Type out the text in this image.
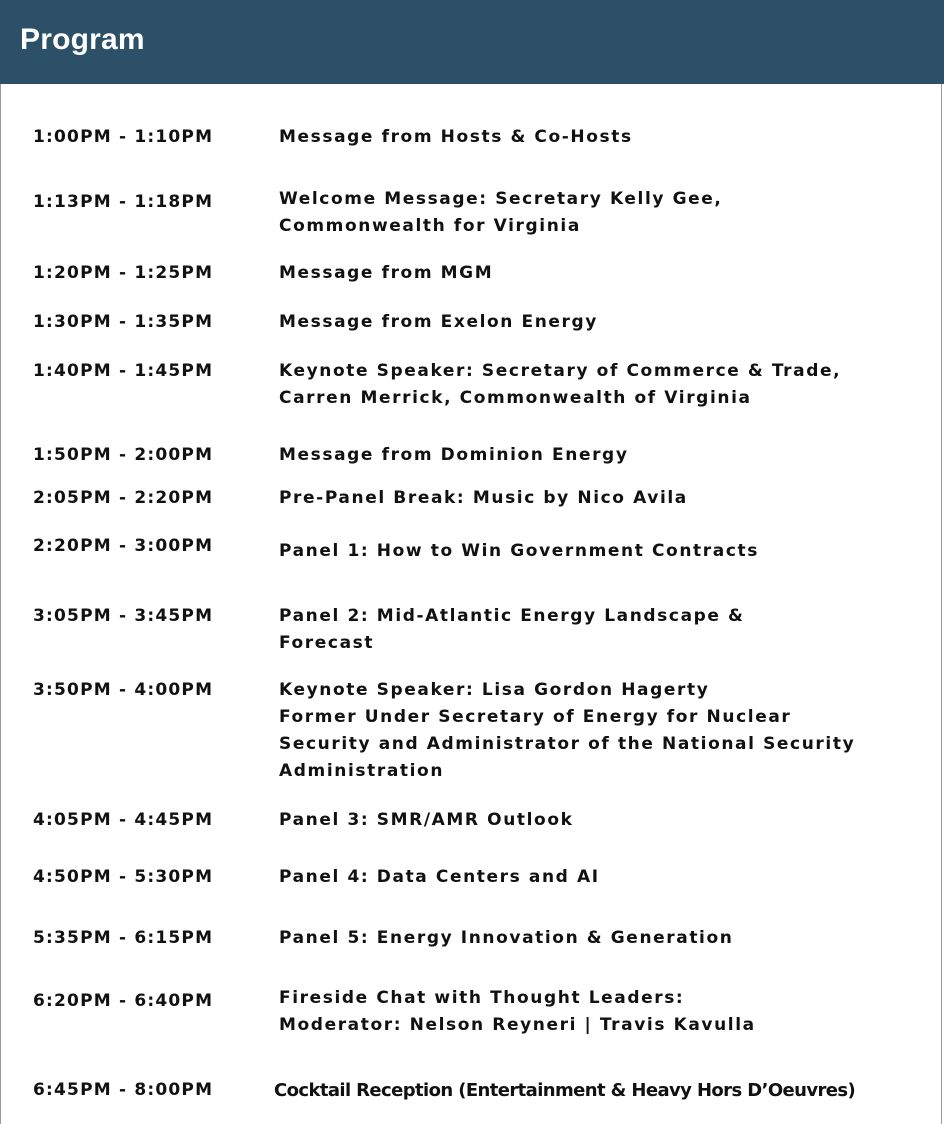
Program
1:00PM - 1:10PM	Message from Hosts & Co-Hosts
1:13PM - 1:18PM	Welcome Message: Secretary Kelly Gee,
Commonwealth for Virginia
1:20PM - 1:25PM	Message from MGM
1:30PM - 1:35PM	Message from Exelon Energy
1:40PM - 1:45PM	Keynote Speaker: Secretary of Commerce & Trade,
Carren Merrick, Commonwealth of Virginia
1:50PM - 2:00PM	Message from Dominion Energy
2:05PM - 2:20PM	Pre-Panel Break: Music by Nico Avila
2:20PM - 3:00PM	Panel 1: How to Win Government Contracts
3:05PM - 3:45PM	Panel 2: Mid-Atlantic Energy Landscape &
Forecast
3:50PM - 4:00PM	Keynote Speaker: Lisa Gordon Hagerty
Former Under Secretary of Energy for Nuclear
Security and Administrator of the National Security
Administration
4:05PM - 4:45PM	Panel 3: SMR/AMR Outlook
4:50PM - 5:30PM	Panel 4: Data Centers and AI
5:35PM - 6:15PM	Panel 5: Energy Innovation & Generation
6:20PM - 6:40PM	Fireside Chat with Thought Leaders:
Moderator: Nelson Reyneri | Travis Kavulla
6:45PM - 8:00PM	Cocktail Reception (Entertainment & Heavy Hors D’Oeuvres)
